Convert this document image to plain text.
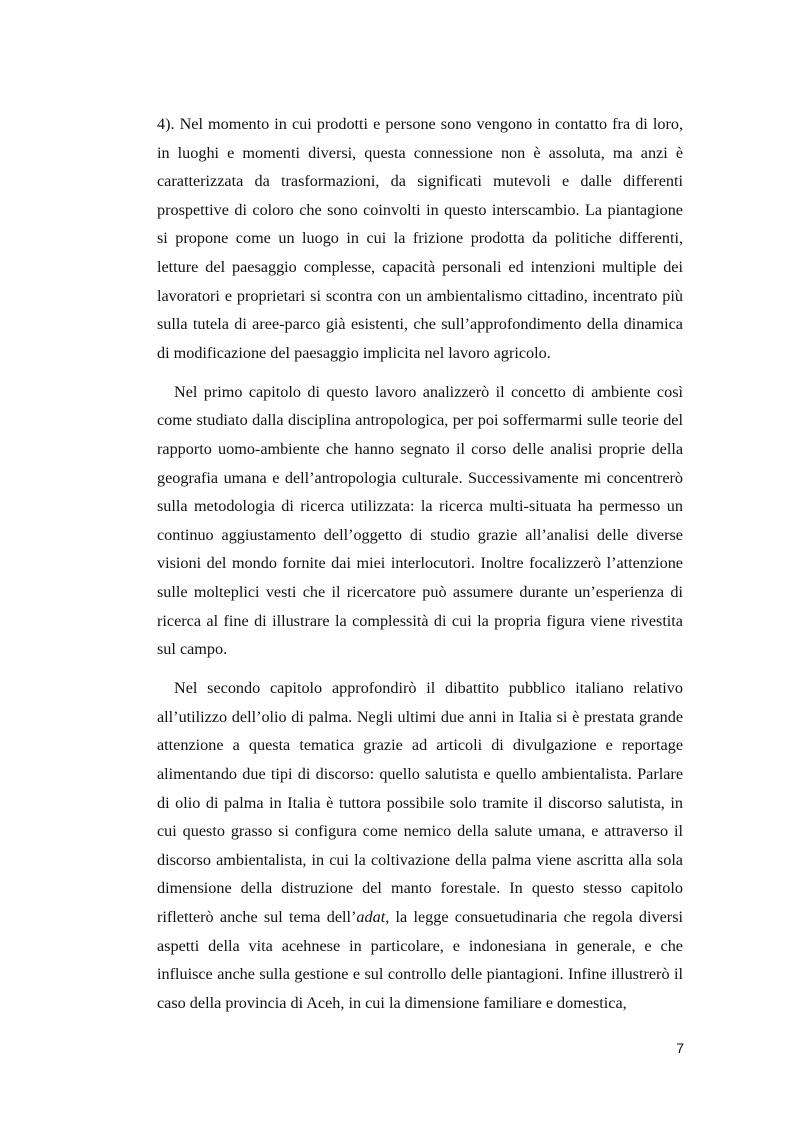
4). Nel momento in cui prodotti e persone sono vengono in contatto fra di loro, in luoghi e momenti diversi, questa connessione non è assoluta, ma anzi è caratterizzata da trasformazioni, da significati mutevoli e dalle differenti prospettive di coloro che sono coinvolti in questo interscambio. La piantagione si propone come un luogo in cui la frizione prodotta da politiche differenti, letture del paesaggio complesse, capacità personali ed intenzioni multiple dei lavoratori e proprietari si scontra con un ambientalismo cittadino, incentrato più sulla tutela di aree-parco già esistenti, che sull’approfondimento della dinamica di modificazione del paesaggio implicita nel lavoro agricolo.

Nel primo capitolo di questo lavoro analizzerò il concetto di ambiente così come studiato dalla disciplina antropologica, per poi soffermarmi sulle teorie del rapporto uomo-ambiente che hanno segnato il corso delle analisi proprie della geografia umana e dell’antropologia culturale. Successivamente mi concentrerò sulla metodologia di ricerca utilizzata: la ricerca multi-situata ha permesso un continuo aggiustamento dell’oggetto di studio grazie all’analisi delle diverse visioni del mondo fornite dai miei interlocutori. Inoltre focalizzerò l’attenzione sulle molteplici vesti che il ricercatore può assumere durante un’esperienza di ricerca al fine di illustrare la complessità di cui la propria figura viene rivestita sul campo.

Nel secondo capitolo approfondirò il dibattito pubblico italiano relativo all’utilizzo dell’olio di palma. Negli ultimi due anni in Italia si è prestata grande attenzione a questa tematica grazie ad articoli di divulgazione e reportage alimentando due tipi di discorso: quello salutista e quello ambientalista. Parlare di olio di palma in Italia è tuttora possibile solo tramite il discorso salutista, in cui questo grasso si configura come nemico della salute umana, e attraverso il discorso ambientalista, in cui la coltivazione della palma viene ascritta alla sola dimensione della distruzione del manto forestale. In questo stesso capitolo rifletterò anche sul tema dell’adat, la legge consuetudinaria che regola diversi aspetti della vita acehnese in particolare, e indonesiana in generale, e che influisce anche sulla gestione e sul controllo delle piantagioni. Infine illustrerò il caso della provincia di Aceh, in cui la dimensione familiare e domestica,

7
